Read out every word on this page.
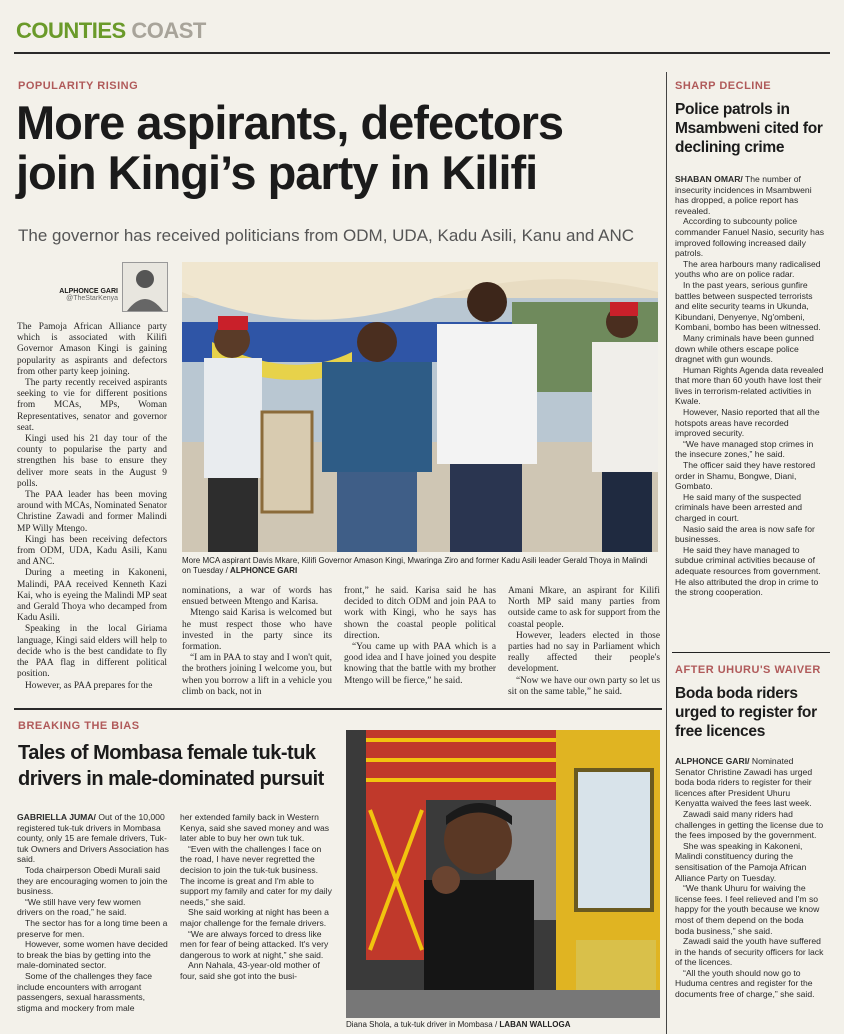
COUNTIES COAST
POPULARITY RISING
More aspirants, defectors
join Kingi’s party in Kilifi
The governor has received politicians from ODM, UDA, Kadu Asili, Kanu and ANC
ALPHONCE GARI
@TheStarKenya
More MCA aspirant Davis Mkare, Kilifi Governor Amason Kingi, Mwaringa Ziro and former Kadu Asili leader Gerald Thoya in Malindi on Tuesday / ALPHONCE GARI

The Pamoja African Alliance party which is associated with Kilifi Governor Amason Kingi is gaining popularity as aspirants and defectors from other party keep joining.

The party recently received aspirants seeking to vie for different positions from MCAs, MPs, Woman Representatives, senator and governor seat.

Kingi used his 21 day tour of the county to popularise the party and strengthen his base to ensure they deliver more seats in the August 9 polls.

The PAA leader has been moving around with MCAs, Nominated Senator Christine Zawadi and former Malindi MP Willy Mtengo.

Kingi has been receiving defectors from ODM, UDA, Kadu Asili, Kanu and ANC.

During a meeting in Kakoneni, Malindi, PAA received Kenneth Kazi Kai, who is eyeing the Malindi MP seat and Gerald Thoya who decamped from Kadu Asili.

Speaking in the local Giriama language, Kingi said elders will help to decide who is the best candidate to fly the PAA flag in different political position.

However, as PAA prepares for the

nominations, a war of words has ensued between Mtengo and Karisa.

Mtengo said Karisa is welcomed but he must respect those who have invested in the party since its formation.

“I am in PAA to stay and I won't quit, the brothers joining I welcome you, but when you borrow a lift in a vehicle you climb on back, not in

front,” he said. Karisa said he has decided to ditch ODM and join PAA to work with Kingi, who he says has shown the coastal people political direction.

“You came up with PAA which is a good idea and I have joined you despite knowing that the battle with my brother Mtengo will be fierce,” he said.

Amani Mkare, an aspirant for Kilifi North MP said many parties from outside came to ask for support from the coastal people.

However, leaders elected in those parties had no say in Parliament which really affected their people's development.

“Now we have our own party so let us sit on the same table,” he said.

SHARP DECLINE
Police patrols in Msambweni cited for declining crime

SHABAN OMAR/ The number of insecurity incidences in Msambweni has dropped, a police report has revealed.

According to subcounty police commander Fanuel Nasio, security has improved following increased daily patrols.

The area harbours many radicalised youths who are on police radar.

In the past years, serious gunfire battles between suspected terrorists and elite security teams in Ukunda, Kibundani, Denyenye, Ng'ombeni, Kombani, bombo has been witnessed.

Many criminals have been gunned down while others escape police dragnet with gun wounds.

Human Rights Agenda data revealed that more than 60 youth have lost their lives in terrorism-related activities in Kwale.

However, Nasio reported that all the hotspots areas have recorded improved security.

“We have managed stop crimes in the insecure zones,” he said.

The officer said they have restored order in Shamu, Bongwe, Diani, Gombato.

He said many of the suspected criminals have been arrested and charged in court.

Nasio said the area is now safe for businesses.

He said they have managed to subdue criminal activities because of adequate resources from government. He also attributed the drop in crime to the strong cooperation.

AFTER UHURU'S WAIVER
Boda boda riders urged to register for free licences

ALPHONCE GARI/ Nominated Senator Christine Zawadi has urged boda boda riders to register for their licences after President Uhuru Kenyatta waived the fees last week.

Zawadi said many riders had challenges in getting the license due to the fees imposed by the government.

She was speaking in Kakoneni, Malindi constituency during the sensitisation of the Pamoja African Alliance Party on Tuesday.

“We thank Uhuru for waiving the license fees. I feel relieved and I'm so happy for the youth because we know most of them depend on the boda boda business,” she said.

Zawadi said the youth have suffered in the hands of security officers for lack of the licences.

“All the youth should now go to Huduma centres and register for the documents free of charge,” she said.

BREAKING THE BIAS
Tales of Mombasa female tuk-tuk
drivers in male-dominated pursuit

GABRIELLA JUMA/ Out of the 10,000 registered tuk-tuk drivers in Mombasa county, only 15 are female drivers, Tuk-tuk Owners and Drivers Association has said.

Toda chairperson Obedi Murali said they are encouraging women to join the business.

“We still have very few women drivers on the road,” he said.

The sector has for a long time been a preserve for men.

However, some women have decided to break the bias by getting into the male-dominated sector.

Some of the challenges they face include encounters with arrogant passengers, sexual harassments, stigma and mockery from male

her extended family back in Western Kenya, said she saved money and was later able to buy her own tuk tuk.

“Even with the challenges I face on the road, I have never regretted the decision to join the tuk-tuk business. The income is great and I'm able to support my family and cater for my daily needs,” she said.

She said working at night has been a major challenge for the female drivers.

“We are always forced to dress like men for fear of being attacked. It's very dangerous to work at night,” she said.

Ann Nahala, 43-year-old mother of four, said she got into the busi-

Diana Shola, a tuk-tuk driver in Mombasa / LABAN WALLOGA
